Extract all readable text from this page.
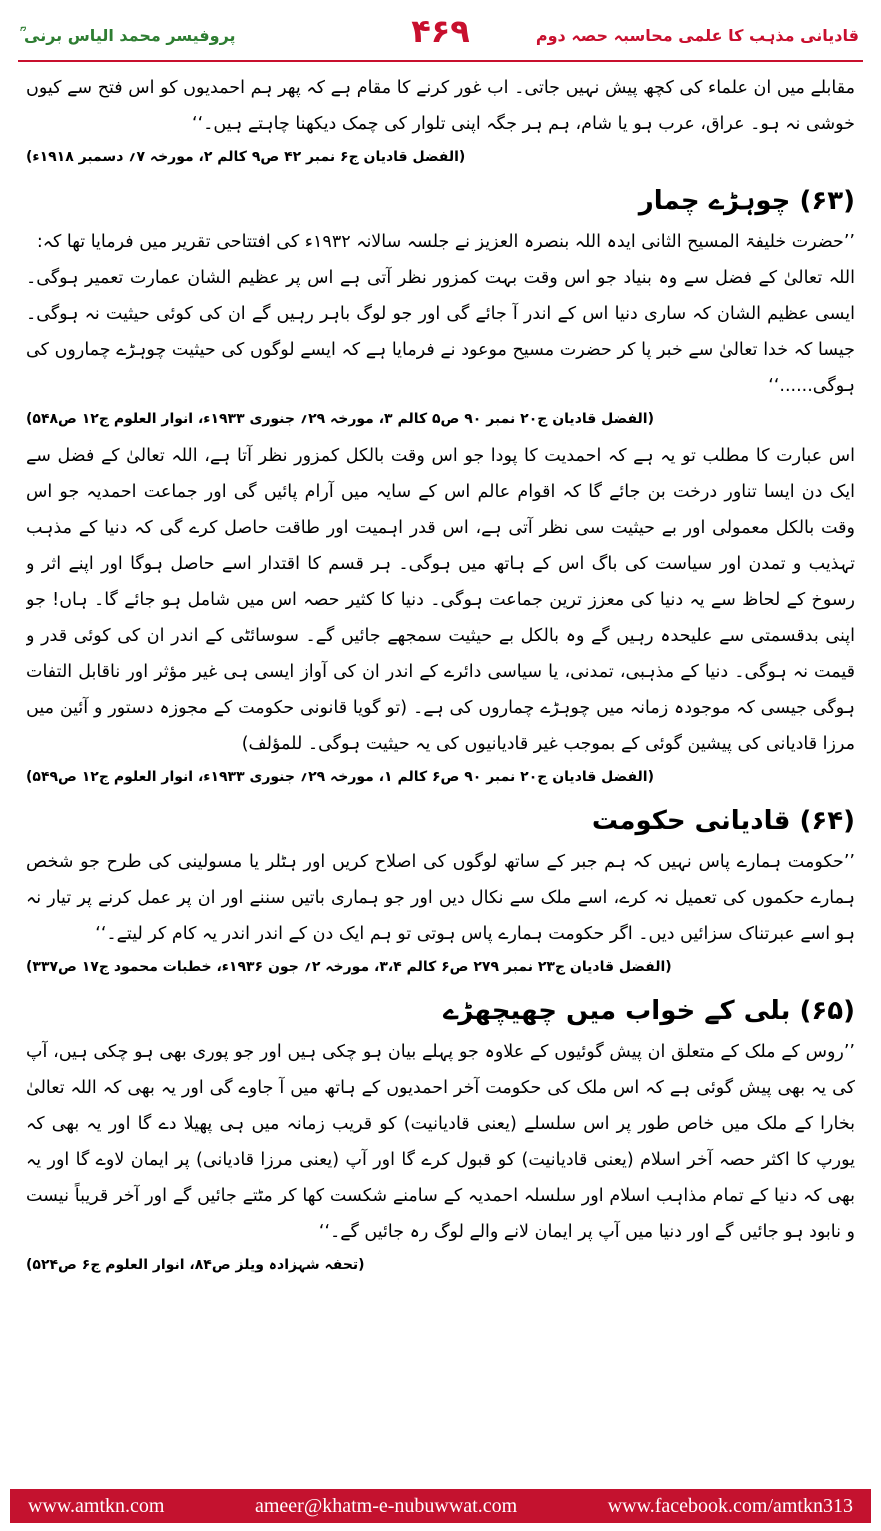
قادیانی مذہب کا علمی محاسبہ حصہ دوم
۴۶۹
پروفیسر محمد الیاس برنی ؒ

مقابلے میں ان علماء کی کچھ پیش نہیں جاتی۔ اب غور کرنے کا مقام ہے کہ پھر ہم احمدیوں کو اس فتح سے کیوں خوشی نہ ہو۔ عراق، عرب ہو یا شام، ہم ہر جگہ اپنی تلوار کی چمک دیکھنا چاہتے ہیں۔‘‘

(الفضل قادیان ج۶ نمبر ۴۲ ص۹ کالم ۲، مورخہ ۷؍ دسمبر ۱۹۱۸ء)
(۶۳) چوہڑے چمار

’’حضرت خلیفۃ المسیح الثانی ایدہ اللہ بنصرہ العزیز نے جلسہ سالانہ ۱۹۳۲ء کی افتتاحی تقریر میں فرمایا تھا کہ:

اللہ تعالیٰ کے فضل سے وہ بنیاد جو اس وقت بہت کمزور نظر آتی ہے اس پر عظیم الشان عمارت تعمیر ہوگی۔ ایسی عظیم الشان کہ ساری دنیا اس کے اندر آ جائے گی اور جو لوگ باہر رہیں گے ان کی کوئی حیثیت نہ ہوگی۔ جیسا کہ خدا تعالیٰ سے خبر پا کر حضرت مسیح موعود نے فرمایا ہے کہ ایسے لوگوں کی حیثیت چوہڑے چماروں کی ہوگی......‘‘

(الفضل قادیان ج۲۰ نمبر ۹۰ ص۵ کالم ۳، مورخہ ۲۹؍ جنوری ۱۹۳۳ء، انوار العلوم ج۱۲ ص۵۴۸)

اس عبارت کا مطلب تو یہ ہے کہ احمدیت کا پودا جو اس وقت بالکل کمزور نظر آتا ہے، اللہ تعالیٰ کے فضل سے ایک دن ایسا تناور درخت بن جائے گا کہ اقوام عالم اس کے سایہ میں آرام پائیں گی اور جماعت احمدیہ جو اس وقت بالکل معمولی اور بے حیثیت سی نظر آتی ہے، اس قدر اہمیت اور طاقت حاصل کرے گی کہ دنیا کے مذہب تہذیب و تمدن اور سیاست کی باگ اس کے ہاتھ میں ہوگی۔ ہر قسم کا اقتدار اسے حاصل ہوگا اور اپنے اثر و رسوخ کے لحاظ سے یہ دنیا کی معزز ترین جماعت ہوگی۔ دنیا کا کثیر حصہ اس میں شامل ہو جائے گا۔ ہاں! جو اپنی بدقسمتی سے علیحدہ رہیں گے وہ بالکل بے حیثیت سمجھے جائیں گے۔ سوسائٹی کے اندر ان کی کوئی قدر و قیمت نہ ہوگی۔ دنیا کے مذہبی، تمدنی، یا سیاسی دائرے کے اندر ان کی آواز ایسی ہی غیر مؤثر اور ناقابل التفات ہوگی جیسی کہ موجودہ زمانہ میں چوہڑے چماروں کی ہے۔ (تو گویا قانونی حکومت کے مجوزہ دستور و آئین میں مرزا قادیانی کی پیشین گوئی کے بموجب غیر قادیانیوں کی یہ حیثیت ہوگی۔ للمؤلف)

(الفضل قادیان ج۲۰ نمبر ۹۰ ص۶ کالم ۱، مورخہ ۲۹؍ جنوری ۱۹۳۳ء، انوار العلوم ج۱۲ ص۵۴۹)
(۶۴) قادیانی حکومت

’’حکومت ہمارے پاس نہیں کہ ہم جبر کے ساتھ لوگوں کی اصلاح کریں اور ہٹلر یا مسولینی کی طرح جو شخص ہمارے حکموں کی تعمیل نہ کرے، اسے ملک سے نکال دیں اور جو ہماری باتیں سننے اور ان پر عمل کرنے پر تیار نہ ہو اسے عبرتناک سزائیں دیں۔ اگر حکومت ہمارے پاس ہوتی تو ہم ایک دن کے اندر اندر یہ کام کر لیتے۔‘‘

(الفضل قادیان ج۲۳ نمبر ۲۷۹ ص۶ کالم ۳،۴، مورخہ ۲؍ جون ۱۹۳۶ء، خطبات محمود ج۱۷ ص۳۳۷)
(۶۵) بلی کے خواب میں چھیچھڑے

’’روس کے ملک کے متعلق ان پیش گوئیوں کے علاوہ جو پہلے بیان ہو چکی ہیں اور جو پوری بھی ہو چکی ہیں، آپ کی یہ بھی پیش گوئی ہے کہ اس ملک کی حکومت آخر احمدیوں کے ہاتھ میں آ جاوے گی اور یہ بھی کہ اللہ تعالیٰ بخارا کے ملک میں خاص طور پر اس سلسلے (یعنی قادیانیت) کو قریب زمانہ میں ہی پھیلا دے گا اور یہ بھی کہ یورپ کا اکثر حصہ آخر اسلام (یعنی قادیانیت) کو قبول کرے گا اور آپ (یعنی مرزا قادیانی) پر ایمان لاوے گا اور یہ بھی کہ دنیا کے تمام مذاہب اسلام اور سلسلہ احمدیہ کے سامنے شکست کھا کر مٹتے جائیں گے اور آخر قریباً نیست و نابود ہو جائیں گے اور دنیا میں آپ پر ایمان لانے والے لوگ رہ جائیں گے۔‘‘

(تحفہ شہزادہ ویلز ص۸۴، انوار العلوم ج۶ ص۵۲۴)
www.amtkn.com	ameer@khatm-e-nubuwwat.com	www.facebook.com/amtkn313
